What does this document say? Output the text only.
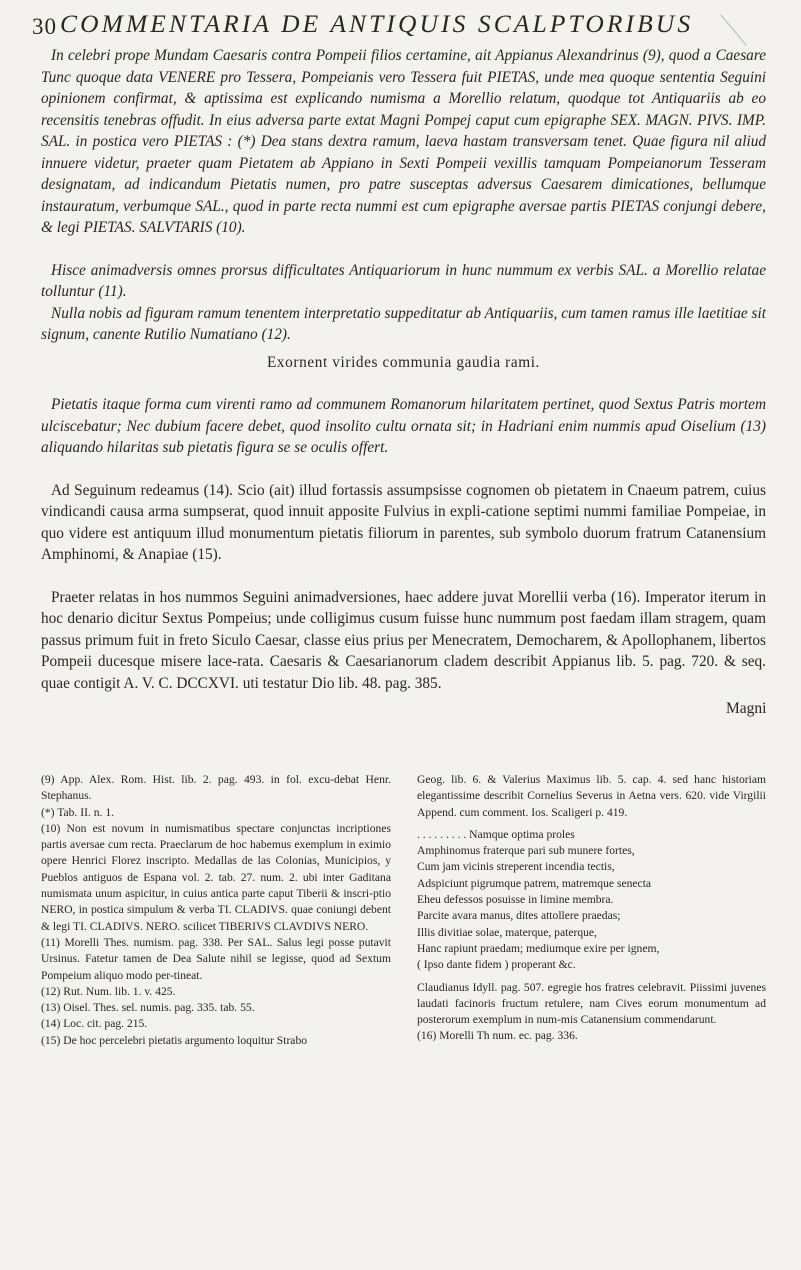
30 COMMENTARIA DE ANTIQUIS SCALPTORIBUS

In celebri prope Mundam Caesaris contra Pompeii filios certamine, ait Appianus Alexandrinus (9), quod a Caesare Tunc quoque data VENERE pro Tessera, Pompeianis vero Tessera fuit PIETAS, unde mea quoque sententia Seguini opinionem confirmat, & aptissima est explicando numisma a Morellio relatum, quodque tot Antiquariis ab eo recensitis tenebras offudit. In eius adversa parte extat Magni Pompej caput cum epigraphe SEX. MAGN. PIVS. IMP. SAL. in postica vero PIETAS : (*) Dea stans dextra ramum, laeva hastam transversam tenet. Quae figura nil aliud innuere videtur, praeter quam Pietatem ab Appiano in Sexti Pompeii vexillis tamquam Pompeianorum Tesseram designatam, ad indicandum Pietatis numen, pro patre susceptas adversus Caesarem dimicationes, bellumque instauratum, verbumque SAL., quod in parte recta nummi est cum epigraphe aversae partis PIETAS conjungi debere, & legi PIETAS. SALVTARIS (10).

Hisce animadversis omnes prorsus difficultates Antiquariorum in hunc nummum ex verbis SAL. a Morellio relatae tolluntur (11).

Nulla nobis ad figuram ramum tenentem interpretatio suppeditatur ab Antiquariis, cum tamen ramus ille laetitiae sit signum, canente Rutilio Numatiano (12).

Exornent virides communia gaudia rami.

Pietatis itaque forma cum virenti ramo ad communem Romanorum hilaritatem pertinet, quod Sextus Patris mortem ulciscebatur; Nec dubium facere debet, quod insolito cultu ornata sit; in Hadriani enim nummis apud Oiselium (13) aliquando hilaritas sub pietatis figura se se oculis offert.

Ad Seguinum redeamus (14). Scio (ait) illud fortassis assumpsisse cognomen ob pietatem in Cnaeum patrem, cuius vindicandi causa arma sumpserat, quod innuit apposite Fulvius in expli-catione septimi nummi familiae Pompeiae, in quo videre est antiquum illud monumentum pietatis filiorum in parentes, sub symbolo duorum fratrum Catanensium Amphinomi, & Anapiae (15).

Praeter relatas in hos nummos Seguini animadversiones, haec addere juvat Morellii verba (16). Imperator iterum in hoc denario dicitur Sextus Pompeius; unde colligimus cusum fuisse hunc nummum post faedam illam stragem, quam passus primum fuit in freto Siculo Caesar, classe eius prius per Menecratem, Democharem, & Apollophanem, libertos Pompeii ducesque misere lace-rata. Caesaris & Caesarianorum cladem describit Appianus lib. 5. pag. 720. & seq. quae contigit A. V. C. DCCXVI. uti testatur Dio lib. 48. pag. 385.

Magni

(9) App. Alex. Rom. Hist. lib. 2. pag. 493. in fol. excu-debat Henr. Stephanus.

(*) Tab. II. n. 1.

(10) Non est novum in numismatibus spectare conjunctas incriptiones partis aversae cum recta. Praeclarum de hoc habemus exemplum in eximio opere Henrici Florez inscripto. Medallas de las Colonias, Municipios, y Pueblos antiguos de Espana vol. 2. tab. 27. num. 2. ubi inter Gaditana numismata unum aspicitur, in cuius antica parte caput Tiberii & inscri-ptio NERO, in postica simpulum & verba TI. CLADIVS. quae coniungi debent & legi TI. CLADIVS. NERO. scilicet TIBERIVS CLAVDIVS NERO.

(11) Morelli Thes. numism. pag. 338. Per SAL. Salus legi posse putavit Ursinus. Fatetur tamen de Dea Salute nihil se legisse, quod ad Sextum Pompeium aliquo modo per-tineat.

(12) Rut. Num. lib. 1. v. 425.

(13) Oisel. Thes. sel. numis. pag. 335. tab. 55.

(14) Loc. cit. pag. 215.

(15) De hoc percelebri pietatis argumento loquitur Strabo

Geog. lib. 6. & Valerius Maximus lib. 5. cap. 4. sed hanc historiam elegantissime describit Cornelius Severus in Aetna vers. 620. vide Virgilii Append. cum comment. Ios. Scaligeri p. 419.

. . . . . . . . . Namque optima proles
Amphinomus fraterque pari sub munere fortes,
Cum jam vicinis streperent incendia tectis,
Adspiciunt pigrumque patrem, matremque senecta
Eheu defessos posuisse in limine membra.
Parcite avara manus, dites attollere praedas;
Illis divitiae solae, materque, paterque,
Hanc rapiunt praedam; mediumque exire per ignem,
( Ipso dante fidem ) properant &c.

Claudianus Idyll. pag. 507. egregie hos fratres celebravit. Piissimi juvenes laudati facinoris fructum retulere, nam Cives eorum monumentum ad posterorum exemplum in num-mis Catanensium commendarunt.

(16) Morelli Th num. ec. pag. 336.
